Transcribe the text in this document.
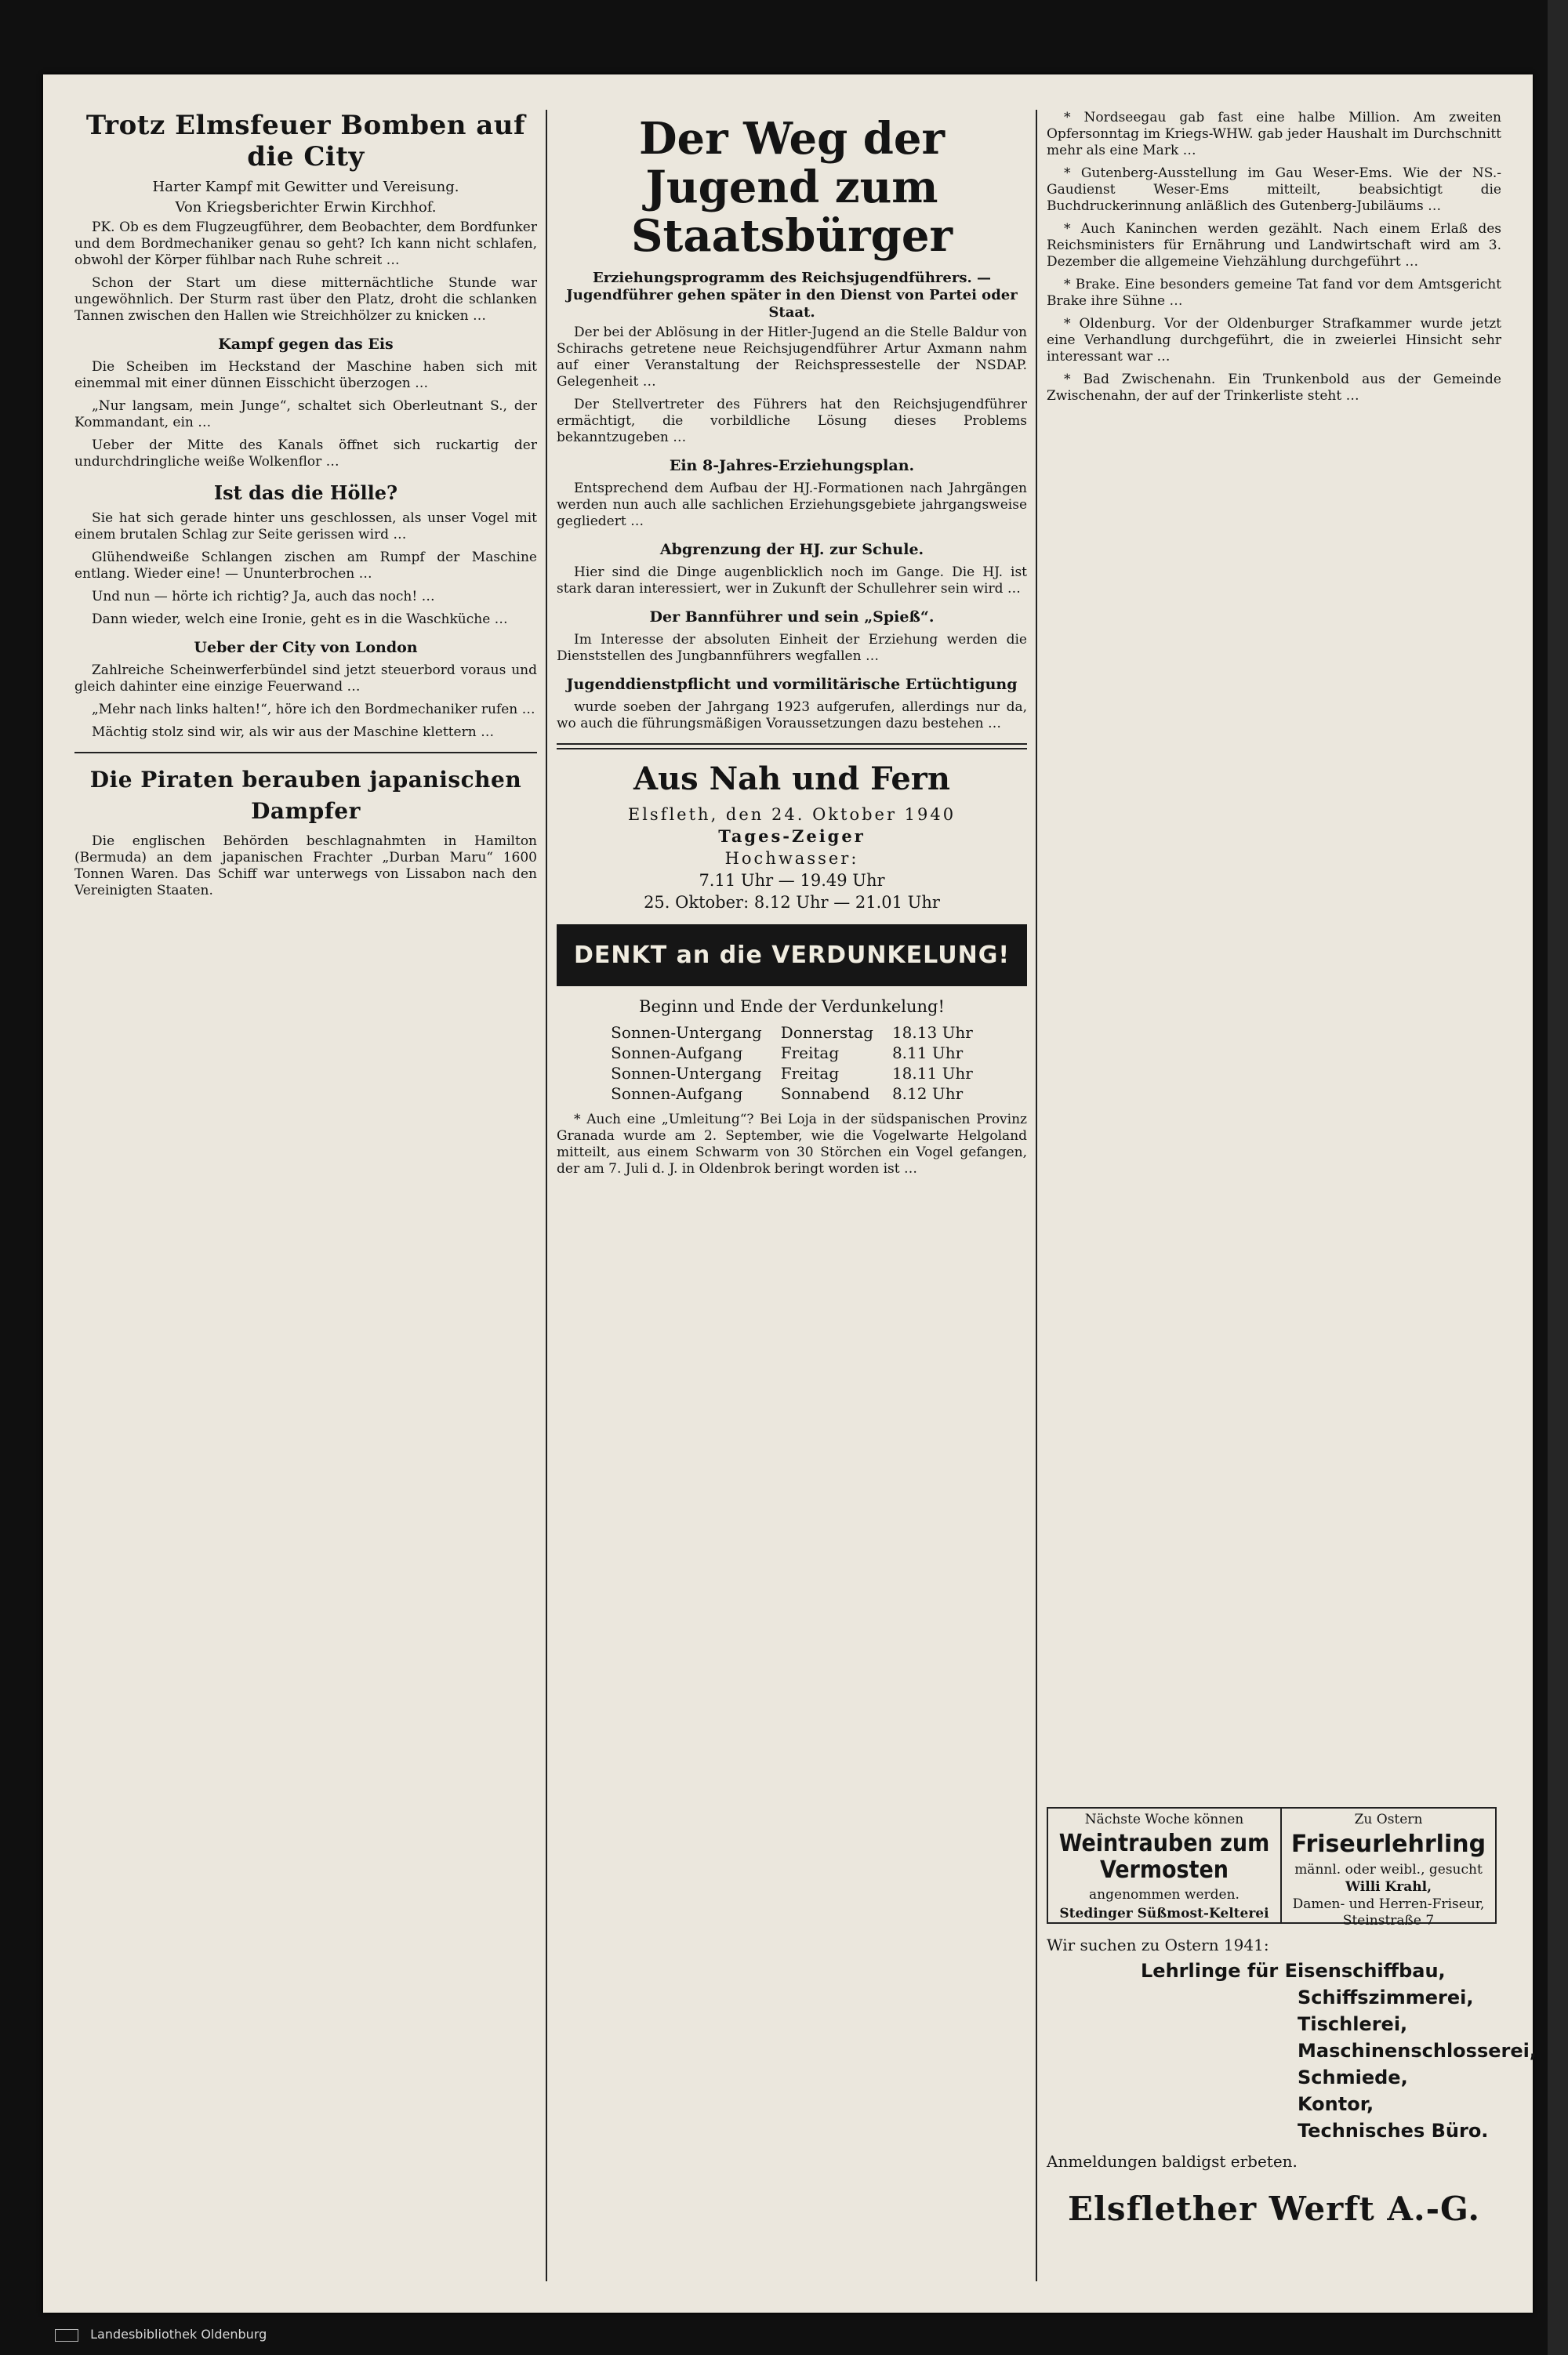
Trotz Elmsfeuer Bomben auf die City
Harter Kampf mit Gewitter und Vereisung.
Von Kriegsberichter Erwin Kirchhof.

PK. Ob es dem Flugzeugführer, dem Beobachter, dem Bordfunker und dem Bordmechaniker genau so geht? Ich kann nicht schlafen, obwohl der Körper fühlbar nach Ruhe schreit …

Schon der Start um diese mitternächtliche Stunde war ungewöhnlich. Der Sturm rast über den Platz, droht die schlanken Tannen zwischen den Hallen wie Streichhölzer zu knicken …

Kampf gegen das Eis

Die Scheiben im Heckstand der Maschine haben sich mit einemmal mit einer dünnen Eisschicht überzogen …

„Nur langsam, mein Junge“, schaltet sich Oberleutnant S., der Kommandant, ein …

Ueber der Mitte des Kanals öffnet sich ruckartig der undurchdringliche weiße Wolkenflor …

Ist das die Hölle?

Sie hat sich gerade hinter uns geschlossen, als unser Vogel mit einem brutalen Schlag zur Seite gerissen wird …

Glühendweiße Schlangen zischen am Rumpf der Maschine entlang. Wieder eine! — Ununterbrochen …

Und nun — hörte ich richtig? Ja, auch das noch! …

Dann wieder, welch eine Ironie, geht es in die Waschküche …

Ueber der City von London

Zahlreiche Scheinwerferbündel sind jetzt steuerbord voraus und gleich dahinter eine einzige Feuerwand …

„Mehr nach links halten!“, höre ich den Bordmechaniker rufen …

Mächtig stolz sind wir, als wir aus der Maschine klettern …

Die Piraten berauben japanischen Dampfer

Die englischen Behörden beschlagnahmten in Hamilton (Bermuda) an dem japanischen Frachter „Durban Maru“ 1600 Tonnen Waren. Das Schiff war unterwegs von Lissabon nach den Vereinigten Staaten.

Der Weg der Jugend zum Staatsbürger
Erziehungsprogramm des Reichsjugendführers. — Jugendführer gehen später in den Dienst von Partei oder Staat.

Der bei der Ablösung in der Hitler-Jugend an die Stelle Baldur von Schirachs getretene neue Reichsjugendführer Artur Axmann nahm auf einer Veranstaltung der Reichspressestelle der NSDAP. Gelegenheit …

Der Stellvertreter des Führers hat den Reichsjugendführer ermächtigt, die vorbildliche Lösung dieses Problems bekanntzugeben …

Ein 8-Jahres-Erziehungsplan.

Entsprechend dem Aufbau der HJ.-Formationen nach Jahrgängen werden nun auch alle sachlichen Erziehungsgebiete jahrgangsweise gegliedert …

Abgrenzung der HJ. zur Schule.

Hier sind die Dinge augenblicklich noch im Gange. Die HJ. ist stark daran interessiert, wer in Zukunft der Schullehrer sein wird …

Der Bannführer und sein „Spieß“.

Im Interesse der absoluten Einheit der Erziehung werden die Dienststellen des Jungbannführers wegfallen …

Jugenddienstpflicht und vormilitärische Ertüchtigung

wurde soeben der Jahrgang 1923 aufgerufen, allerdings nur da, wo auch die führungsmäßigen Voraussetzungen dazu bestehen …

Aus Nah und Fern
Elsfleth, den 24. Oktober 1940
Tages-Zeiger
Hochwasser:
7.11 Uhr — 19.49 Uhr
25. Oktober: 8.12 Uhr — 21.01 Uhr
DENKT an die VERDUNKELUNG!
Beginn und Ende der Verdunkelung!
Sonnen-Untergang	Donnerstag	18.13 Uhr
Sonnen-Aufgang	Freitag	8.11 Uhr
Sonnen-Untergang	Freitag	18.11 Uhr
Sonnen-Aufgang	Sonnabend	8.12 Uhr

* Auch eine „Umleitung“? Bei Loja in der südspanischen Provinz Granada wurde am 2. September, wie die Vogelwarte Helgoland mitteilt, aus einem Schwarm von 30 Störchen ein Vogel gefangen, der am 7. Juli d. J. in Oldenbrok beringt worden ist …

* Nordseegau gab fast eine halbe Million. Am zweiten Opfersonntag im Kriegs-WHW. gab jeder Haushalt im Durchschnitt mehr als eine Mark …

* Gutenberg-Ausstellung im Gau Weser-Ems. Wie der NS.-Gaudienst Weser-Ems mitteilt, beabsichtigt die Buchdruckerinnung anläßlich des Gutenberg-Jubiläums …

* Auch Kaninchen werden gezählt. Nach einem Erlaß des Reichsministers für Ernährung und Landwirtschaft wird am 3. Dezember die allgemeine Viehzählung durchgeführt …

* Brake. Eine besonders gemeine Tat fand vor dem Amtsgericht Brake ihre Sühne …

* Oldenburg. Vor der Oldenburger Strafkammer wurde jetzt eine Verhandlung durchgeführt, die in zweierlei Hinsicht sehr interessant war …

* Bad Zwischenahn. Ein Trunkenbold aus der Gemeinde Zwischenahn, der auf der Trinkerliste steht …

Nächste Woche können
Weintrauben zum Vermosten
angenommen werden.
Stedinger Süßmost-Kelterei
Zu Ostern
Friseurlehrling
männl. oder weibl., gesucht
Willi Krahl,
Damen- und Herren-Friseur,
Steinstraße 7
Wir suchen zu Ostern 1941:
Lehrlinge für Eisenschiffbau,
Schiffszimmerei,
Tischlerei,
Maschinenschlosserei,
Schmiede,
Kontor,
Technisches Büro.
Anmeldungen baldigst erbeten.
Elsflether Werft A.-G.
Landesbibliothek Oldenburg
